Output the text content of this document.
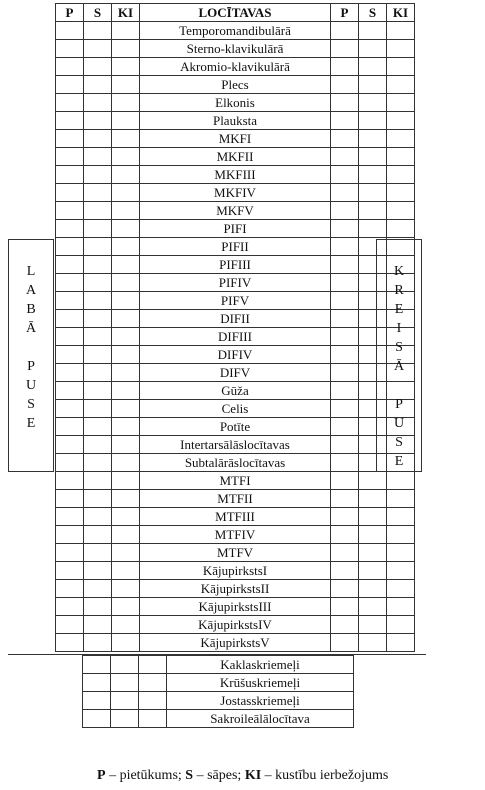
P	S	KI	LOCĪTAVAS	P	S	KI
			Temporomandibulārā			
			Sterno-klavikulārā			
			Akromio-klavikulārā			
			Plecs			
			Elkonis			
			Plauksta			
			MKFI			
			MKFII			
			MKFIII			
			MKFIV			
			MKFV			
			PIFI			
			PIFII			
			PIFIII			
			PIFIV			
			PIFV			
			DIFII			
			DIFIII			
			DIFIV			
			DIFV			
			Gūža			
			Celis			
			Potīte			
			Intertarsālāslocītavas			
			Subtalārāslocītavas			
			MTFI			
			MTFII			
			MTFIII			
			MTFIV			
			MTFV			
			KājupirkstsI			
			KājupirkstsII			
			KājupirkstsIII			
			KājupirkstsIV			
			KājupirkstsV			
L
A
B
Ā
P
U
S
E
K
R
E
I
S
Ā
P
U
S
E
			Kaklaskriemeļi
			Krūšuskriemeļi
			Jostasskriemeļi
			Sakroileālālocītava
P – pietūkums; S – sāpes; KI – kustību ierbežojums
